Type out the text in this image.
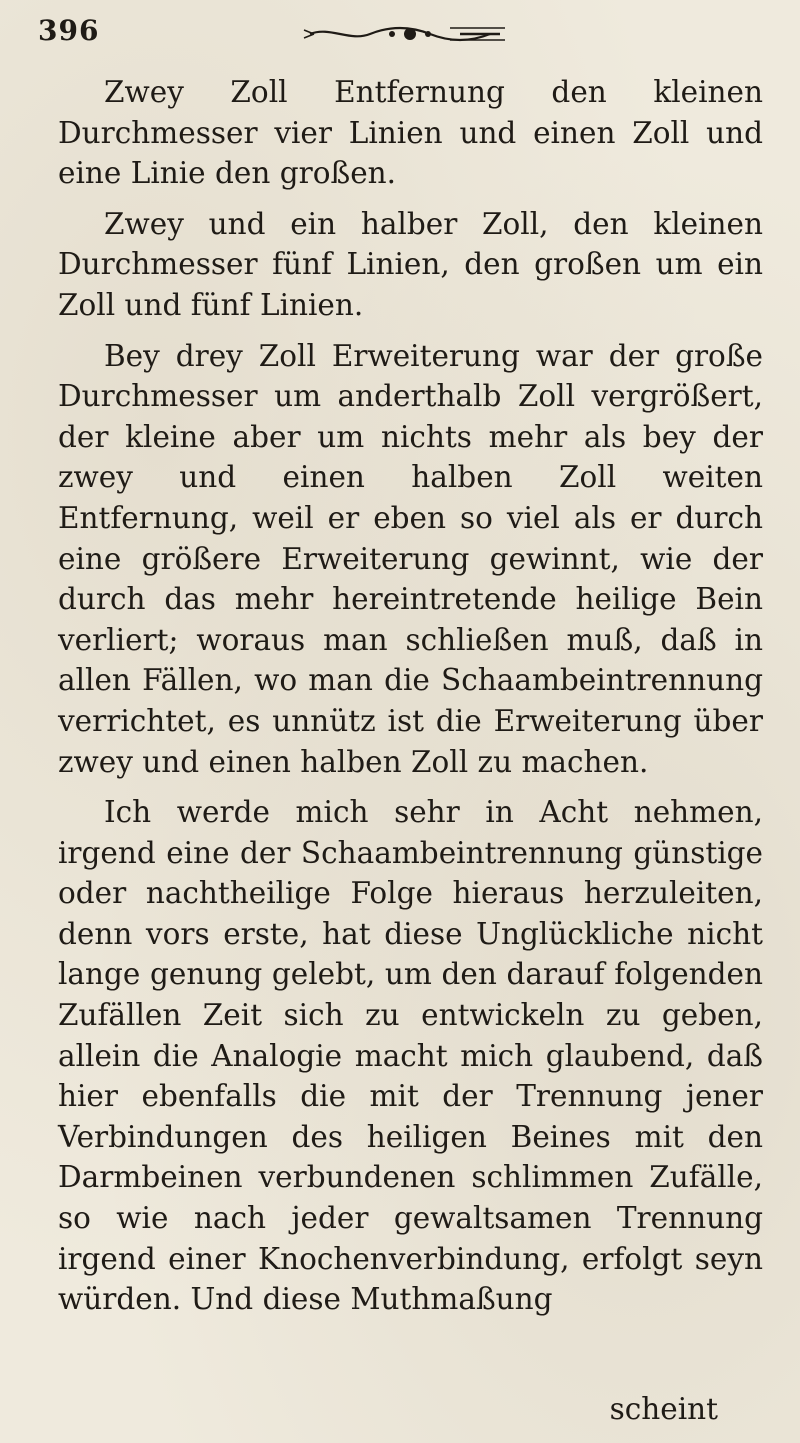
396

Zwey Zoll Entfernung den kleinen Durchmesser vier Linien und einen Zoll und eine Linie den großen.

Zwey und ein halber Zoll, den kleinen Durchmesser fünf Linien, den großen um ein Zoll und fünf Linien.

Bey drey Zoll Erweiterung war der große Durchmesser um anderthalb Zoll vergrößert, der kleine aber um nichts mehr als bey der zwey und einen halben Zoll weiten Entfernung, weil er eben so viel als er durch eine größere Erweiterung gewinnt, wie der durch das mehr hereintretende heilige Bein verliert; woraus man schließen muß, daß in allen Fällen, wo man die Schaambeintrennung verrichtet, es unnütz ist die Erweiterung über zwey und einen halben Zoll zu machen.

Ich werde mich sehr in Acht nehmen, irgend eine der Schaambeintrennung günstige oder nachtheilige Folge hieraus herzuleiten, denn vors erste, hat diese Unglückliche nicht lange genung gelebt, um den darauf folgenden Zufällen Zeit sich zu entwickeln zu geben, allein die Analogie macht mich glaubend, daß hier ebenfalls die mit der Trennung jener Verbindungen des heiligen Beines mit den Darmbeinen verbundenen schlimmen Zufälle, so wie nach jeder gewaltsamen Trennung irgend einer Knochenverbindung, erfolgt seyn würden. Und diese Muthmaßung

scheint
